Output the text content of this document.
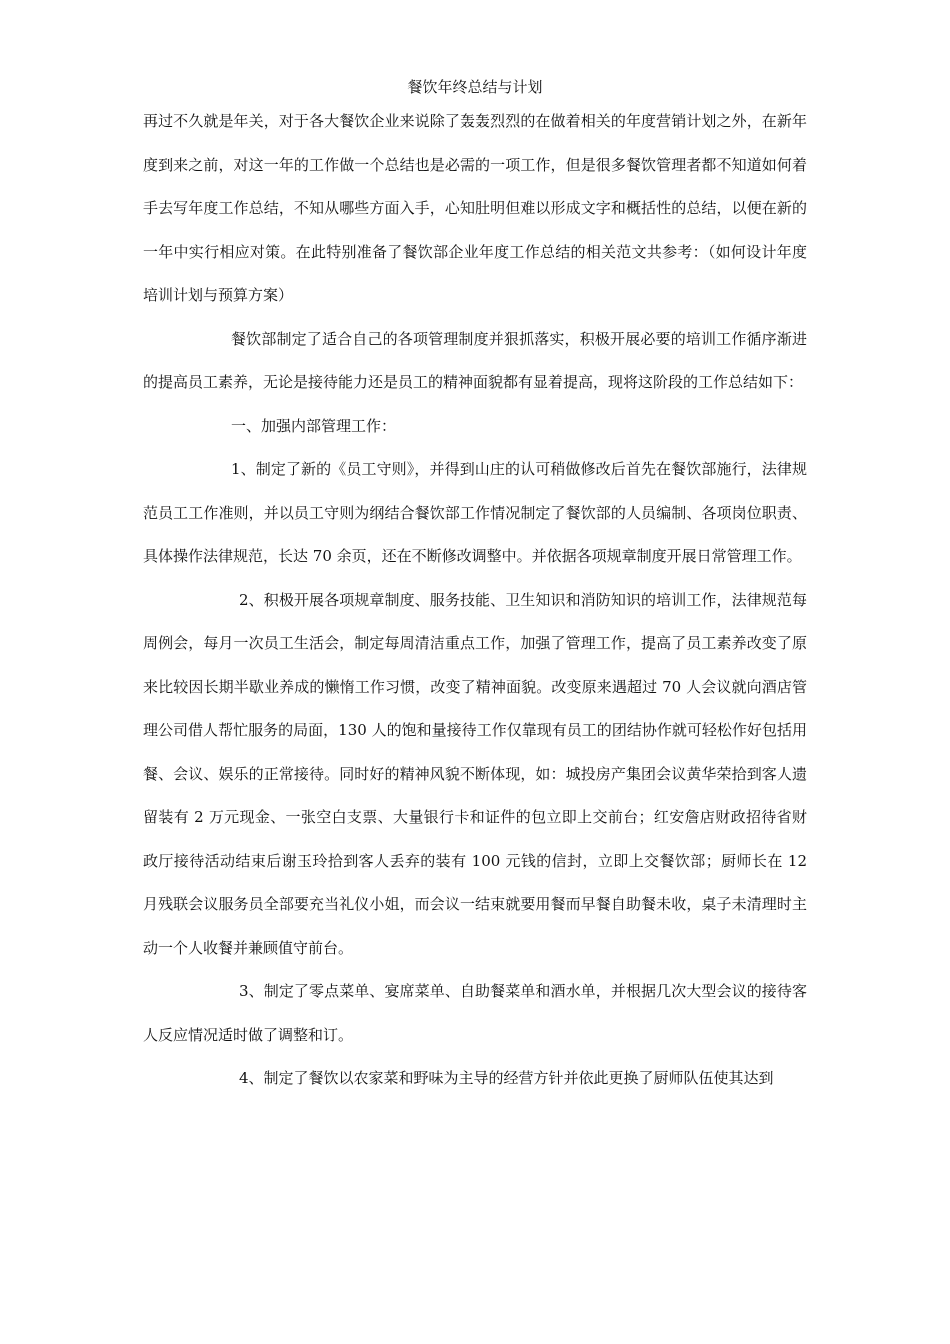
餐饮年终总结与计划

再过不久就是年关，对于各大餐饮企业来说除了轰轰烈烈的在做着相关的年度营销计划之外，在新年度到来之前，对这一年的工作做一个总结也是必需的一项工作，但是很多餐饮管理者都不知道如何着手去写年度工作总结，不知从哪些方面入手，心知肚明但难以形成文字和概括性的总结，以便在新的一年中实行相应对策。在此特别准备了餐饮部企业年度工作总结的相关范文共参考：（如何设计年度培训计划与预算方案）

餐饮部制定了适合自己的各项管理制度并狠抓落实，积极开展必要的培训工作循序渐进的提高员工素养，无论是接待能力还是员工的精神面貌都有显着提高，现将这阶段的工作总结如下：

一、加强内部管理工作：

1、制定了新的《员工守则》，并得到山庄的认可稍做修改后首先在餐饮部施行，法律规范员工工作准则，并以员工守则为纲结合餐饮部工作情况制定了餐饮部的人员编制、各项岗位职责、具体操作法律规范，长达 70 余页，还在不断修改调整中。并依据各项规章制度开展日常管理工作。

2、积极开展各项规章制度、服务技能、卫生知识和消防知识的培训工作，法律规范每周例会，每月一次员工生活会，制定每周清洁重点工作，加强了管理工作，提高了员工素养改变了原来比较因长期半歇业养成的懒惰工作习惯，改变了精神面貌。改变原来遇超过 70 人会议就向酒店管理公司借人帮忙服务的局面，130 人的饱和量接待工作仅靠现有员工的团结协作就可轻松作好包括用餐、会议、娱乐的正常接待。同时好的精神风貌不断体现，如：城投房产集团会议黄华荣拾到客人遗留装有 2 万元现金、一张空白支票、大量银行卡和证件的包立即上交前台；红安詹店财政招待省财政厅接待活动结束后谢玉玲拾到客人丢弃的装有 100 元钱的信封，立即上交餐饮部；厨师长在 12 月残联会议服务员全部要充当礼仪小姐，而会议一结束就要用餐而早餐自助餐未收，桌子未清理时主动一个人收餐并兼顾值守前台。

3、制定了零点菜单、宴席菜单、自助餐菜单和酒水单，并根据几次大型会议的接待客人反应情况适时做了调整和订。

4、制定了餐饮以农家菜和野味为主导的经营方针并依此更换了厨师队伍使其达到
